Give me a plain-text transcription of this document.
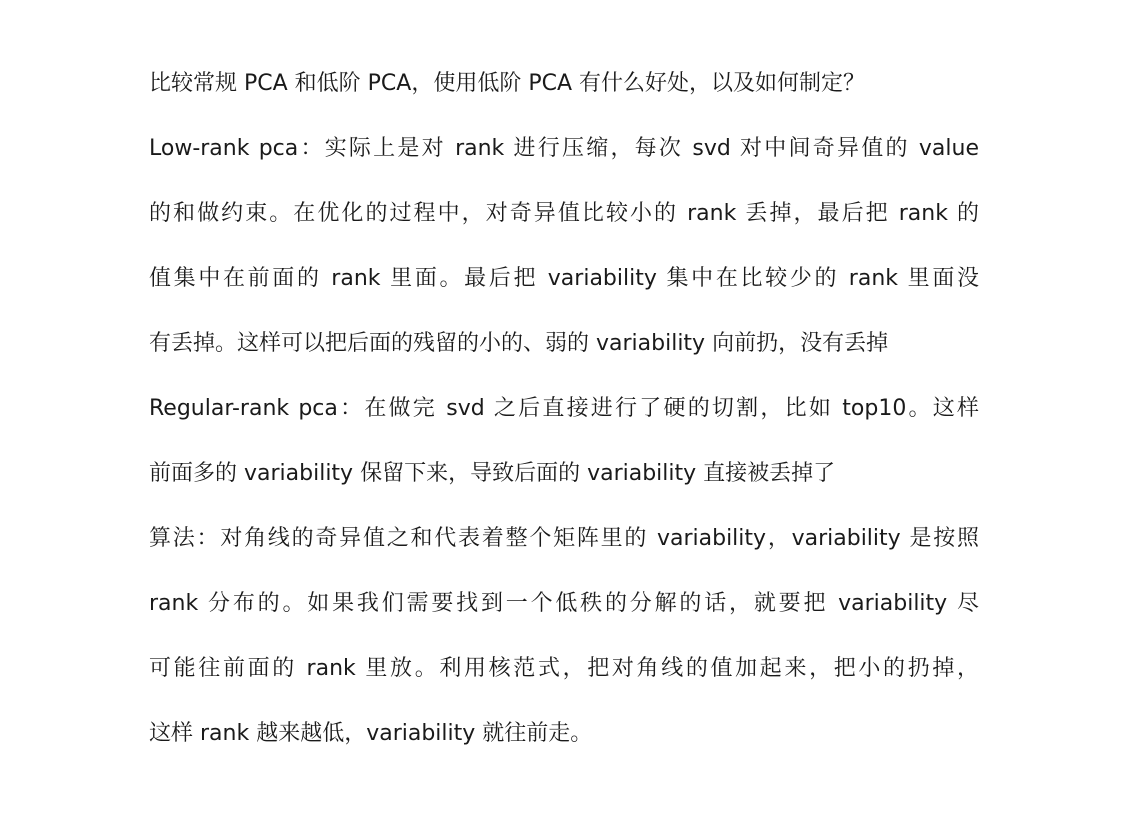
比较常规 PCA 和低阶 PCA，使用低阶 PCA 有什么好处，以及如何制定？
Low-rank pca：实际上是对 rank 进行压缩，每次 svd 对中间奇异值的 value
的和做约束。在优化的过程中，对奇异值比较小的 rank 丢掉，最后把 rank 的
值集中在前面的 rank 里面。最后把 variability 集中在比较少的 rank 里面没
有丢掉。这样可以把后面的残留的小的、弱的 variability 向前扔，没有丢掉
Regular-rank pca：在做完 svd 之后直接进行了硬的切割，比如 top10。这样
前面多的 variability 保留下来，导致后面的 variability 直接被丢掉了
算法：对角线的奇异值之和代表着整个矩阵里的 variability，variability 是按照
rank 分布的。如果我们需要找到一个低秩的分解的话，就要把 variability 尽
可能往前面的 rank 里放。利用核范式，把对角线的值加起来，把小的扔掉，
这样 rank 越来越低，variability 就往前走。
